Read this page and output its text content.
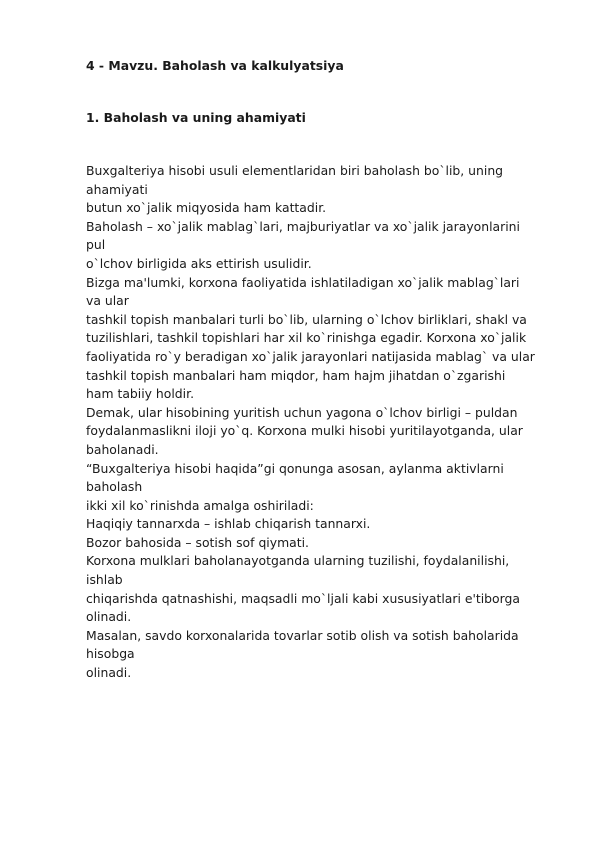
4 - Mavzu. Baholash va kalkulyatsiya
1. Baholash va uning ahamiyati
Buxgalteriya hisobi usuli elementlaridan biri baholash bo`lib, uning
ahamiyati
butun xo`jalik miqyosida ham kattadir.
Baholash – xo`jalik mablag`lari, majburiyatlar va xo`jalik jarayonlarini
pul
o`lchov birligida aks ettirish usulidir.
Bizga ma'lumki, korxona faoliyatida ishlatiladigan xo`jalik mablag`lari
va ular
tashkil topish manbalari turli bo`lib, ularning o`lchov birliklari, shakl va
tuzilishlari, tashkil topishlari har xil ko`rinishga egadir. Korxona xo`jalik
faoliyatida ro`y beradigan xo`jalik jarayonlari natijasida mablag` va ular
tashkil topish manbalari ham miqdor, ham hajm jihatdan o`zgarishi
ham tabiiy holdir.
Demak, ular hisobining yuritish uchun yagona o`lchov birligi – puldan
foydalanmaslikni iloji yo`q. Korxona mulki hisobi yuritilayotganda, ular
baholanadi.
“Buxgalteriya hisobi haqida”gi qonunga asosan, aylanma aktivlarni
baholash
ikki xil ko`rinishda amalga oshiriladi:
Haqiqiy tannarxda – ishlab chiqarish tannarxi.
Bozor bahosida – sotish sof qiymati.
Korxona mulklari baholanayotganda ularning tuzilishi, foydalanilishi,
ishlab
chiqarishda qatnashishi, maqsadli mo`ljali kabi xususiyatlari e'tiborga
olinadi.
Masalan, savdo korxonalarida tovarlar sotib olish va sotish baholarida
hisobga
olinadi.
